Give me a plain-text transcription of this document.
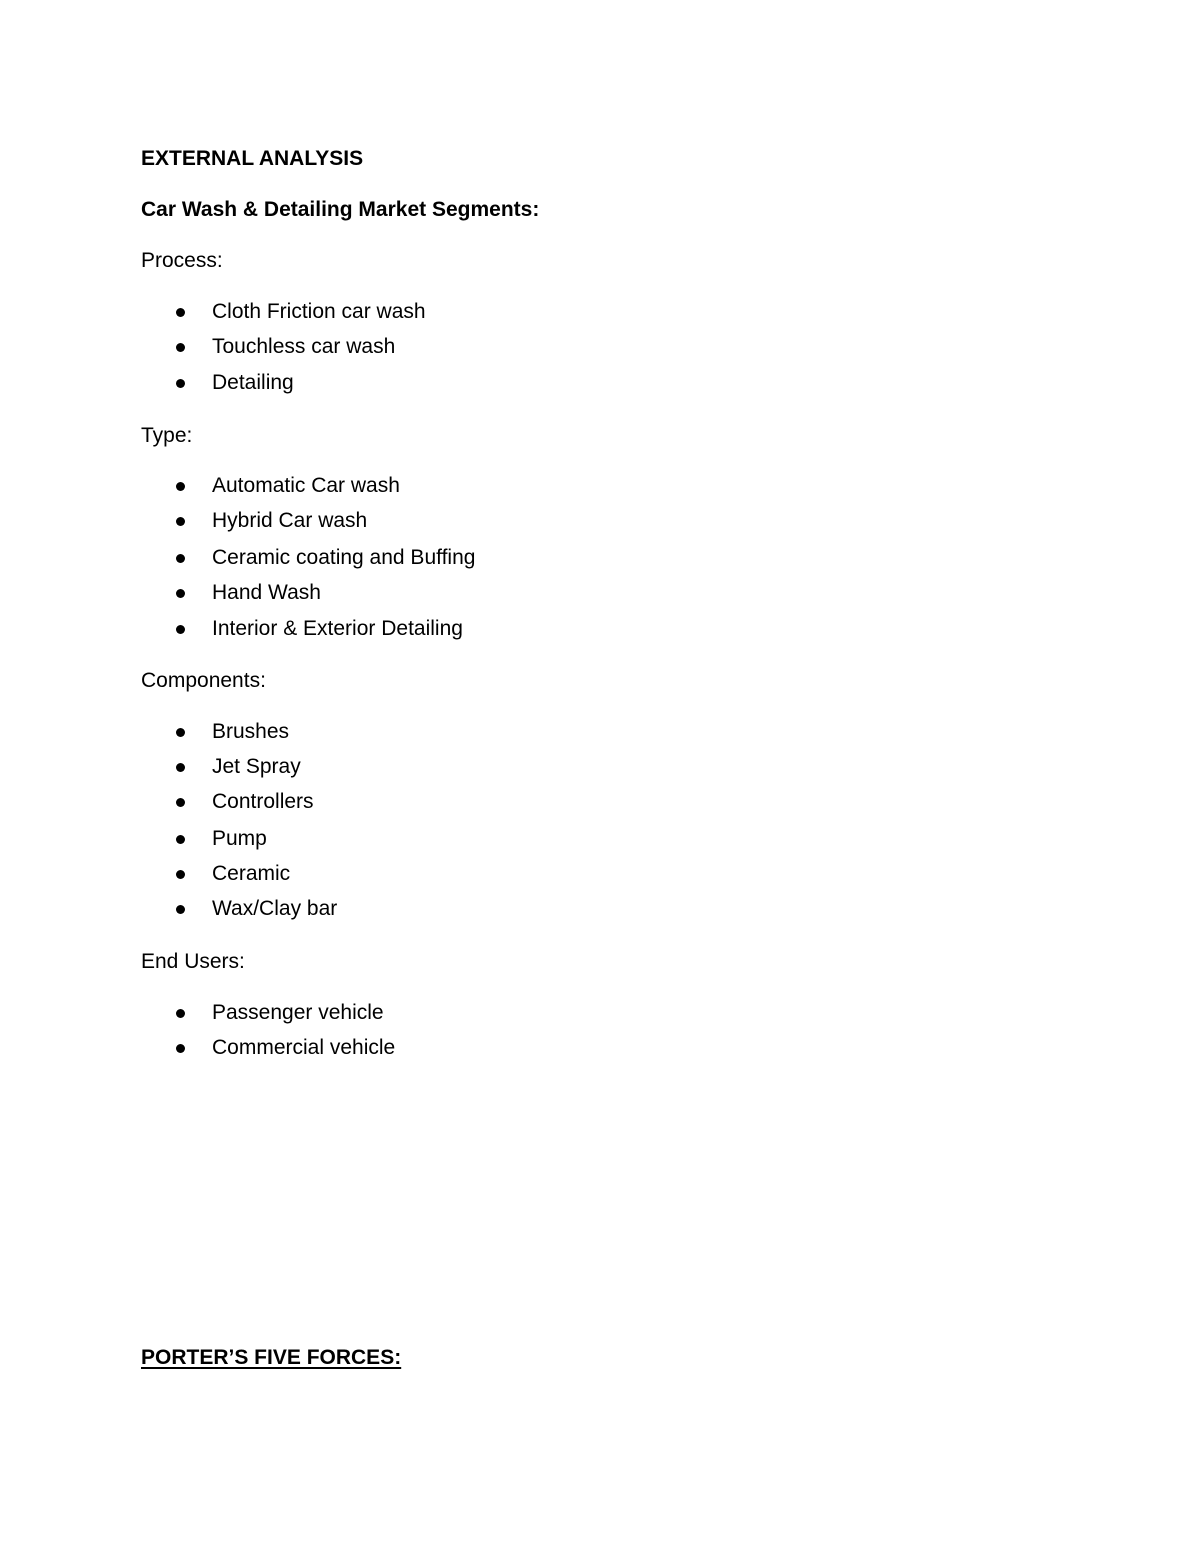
EXTERNAL ANALYSIS

Car Wash & Detailing Market Segments:

Process:

Cloth Friction car wash

Touchless car wash

Detailing

Type:

Automatic Car wash

Hybrid Car wash

Ceramic coating and Buffing

Hand Wash

Interior & Exterior Detailing

Components:

Brushes

Jet Spray

Controllers

Pump

Ceramic

Wax/Clay bar

End Users:

Passenger vehicle

Commercial vehicle

PORTER’S FIVE FORCES:
